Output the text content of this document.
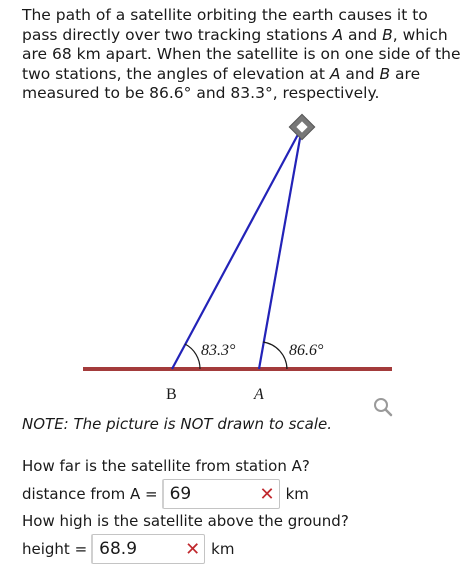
The path of a satellite orbiting the earth causes it to pass directly over two tracking stations A and B, which are 68 km apart. When the satellite is on one side of the two stations, the angles of elevation at A and B are measured to be 86.6° and 83.3°, respectively.

83.3°	86.6°
B	A
NOTE: The picture is NOT drawn to scale.
How far is the satellite from station A?
distance from A =
69	✕ km
How high is the satellite above the ground?
height =
68.9	✕ km
